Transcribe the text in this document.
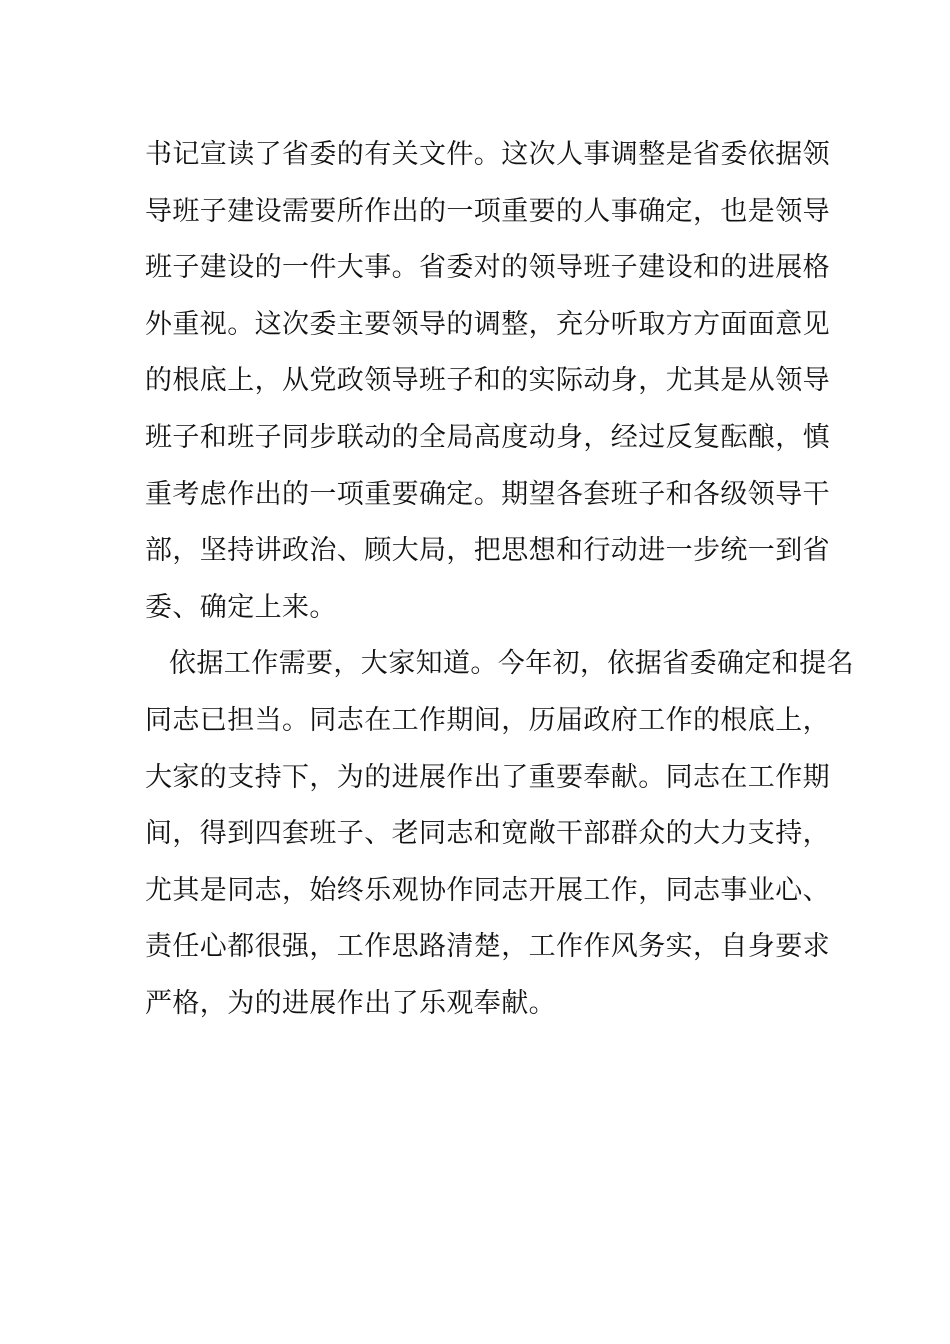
书记宣读了省委的有关文件。这次人事调整是省委依据领
导班子建设需要所作出的一项重要的人事确定，也是领导
班子建设的一件大事。省委对的领导班子建设和的进展格
外重视。这次委主要领导的调整，充分听取方方面面意见
的根底上，从党政领导班子和的实际动身，尤其是从领导
班子和班子同步联动的全局高度动身，经过反复酝酿，慎
重考虑作出的一项重要确定。期望各套班子和各级领导干
部，坚持讲政治、顾大局，把思想和行动进一步统一到省
委、确定上来。
依据工作需要，大家知道。今年初，依据省委确定和提名
同志已担当。同志在工作期间，历届政府工作的根底上，
大家的支持下，为的进展作出了重要奉献。同志在工作期
间，得到四套班子、老同志和宽敞干部群众的大力支持，
尤其是同志，始终乐观协作同志开展工作，同志事业心、
责任心都很强，工作思路清楚，工作作风务实，自身要求
严格，为的进展作出了乐观奉献。
